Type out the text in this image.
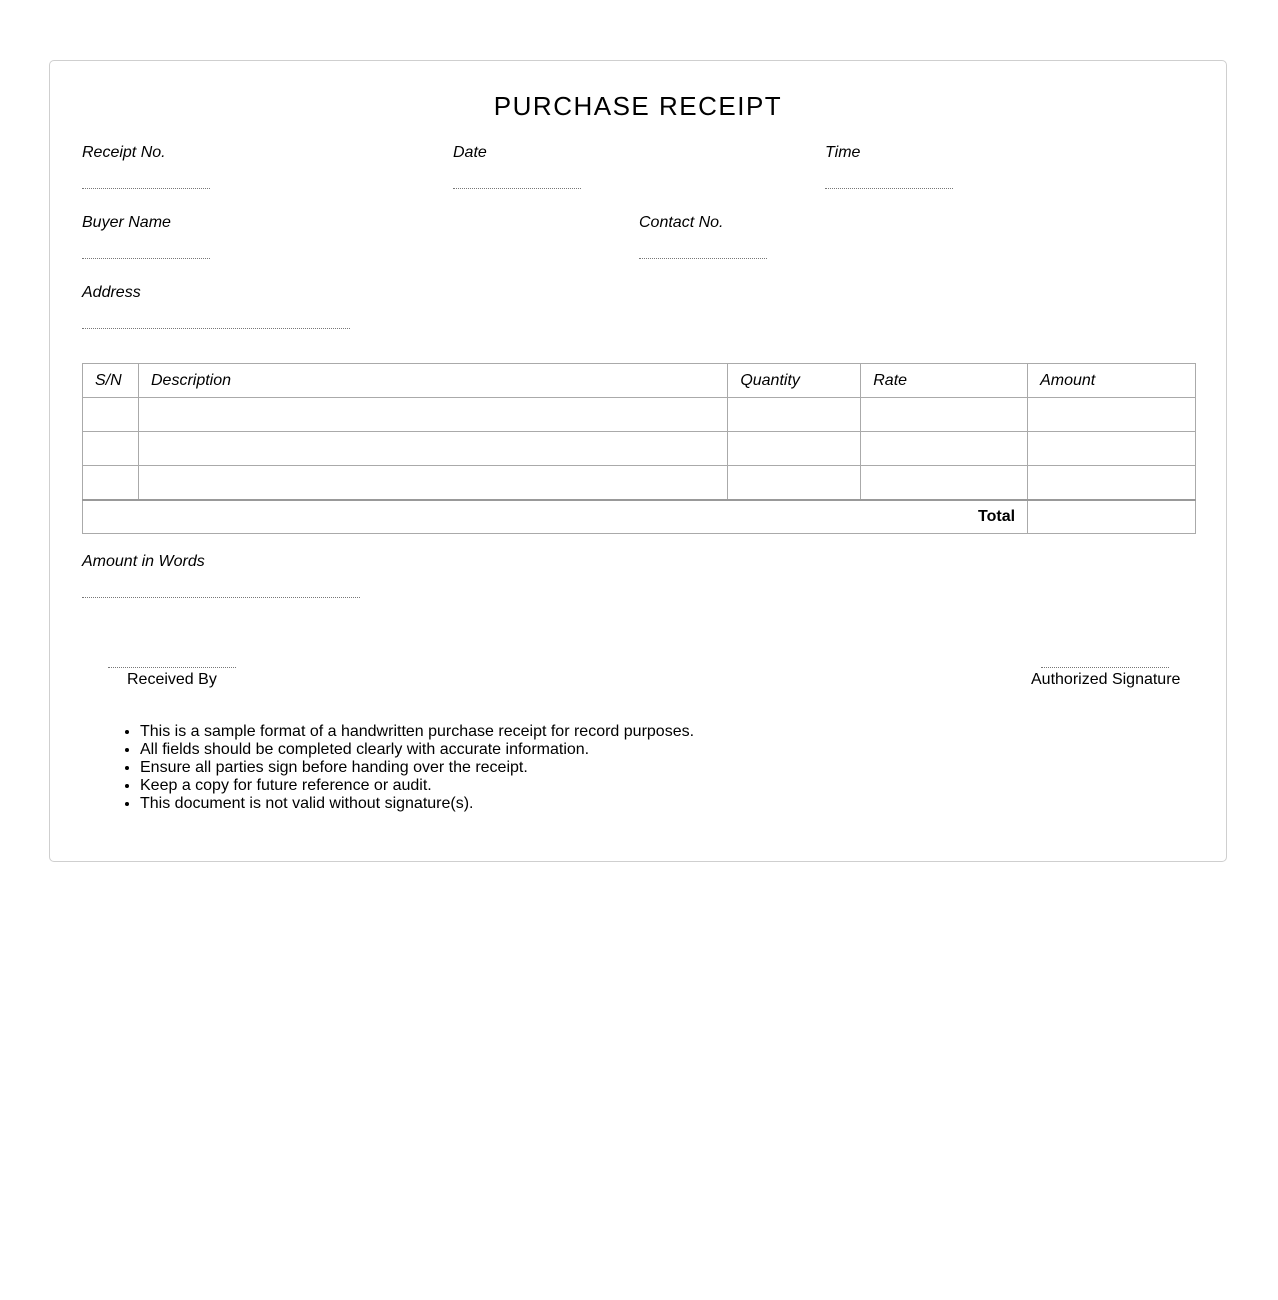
PURCHASE RECEIPT
Receipt No.	Date	Time
Buyer Name	Contact No.
Address
S/N	Description	Quantity	Rate	Amount

Total				
Amount in Words
Received By	Authorized Signature
• This is a sample format of a handwritten purchase receipt for record purposes.
• All fields should be completed clearly with accurate information.
• Ensure all parties sign before handing over the receipt.
• Keep a copy for future reference or audit.
• This document is not valid without signature(s).
